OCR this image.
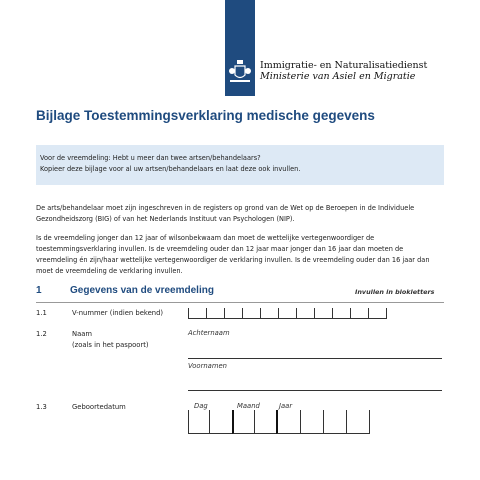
Immigratie- en Naturalisatiedienst
Ministerie van Asiel en Migratie
Bijlage Toestemmingsverklaring medische gegevens

Voor de vreemdeling: Hebt u meer dan twee artsen/behandelaars?

Kopieer deze bijlage voor al uw artsen/behandelaars en laat deze ook invullen.

De arts/behandelaar moet zijn ingeschreven in de registers op grond van de Wet op de Beroepen in de Individuele

Gezondheidszorg (BIG) of van het Nederlands Instituut van Psychologen (NIP).

Is de vreemdeling jonger dan 12 jaar of wilsonbekwaam dan moet de wettelijke vertegenwoordiger de

toestemmingsverklaring invullen. Is de vreemdeling ouder dan 12 jaar maar jonger dan 16 jaar dan moeten de

vreemdeling én zijn/haar wettelijke vertegenwoordiger de verklaring invullen. Is de vreemdeling ouder dan 16 jaar dan

moet de vreemdeling de verklaring invullen.

1	Gegevens van de vreemdeling	Invullen in blokletters
1.1	V-nummer (indien bekend)
1.2	Naam
(zoals in het paspoort)
Achternaam
Voornamen
1.3	Geboortedatum	Dag	Maand	Jaar
